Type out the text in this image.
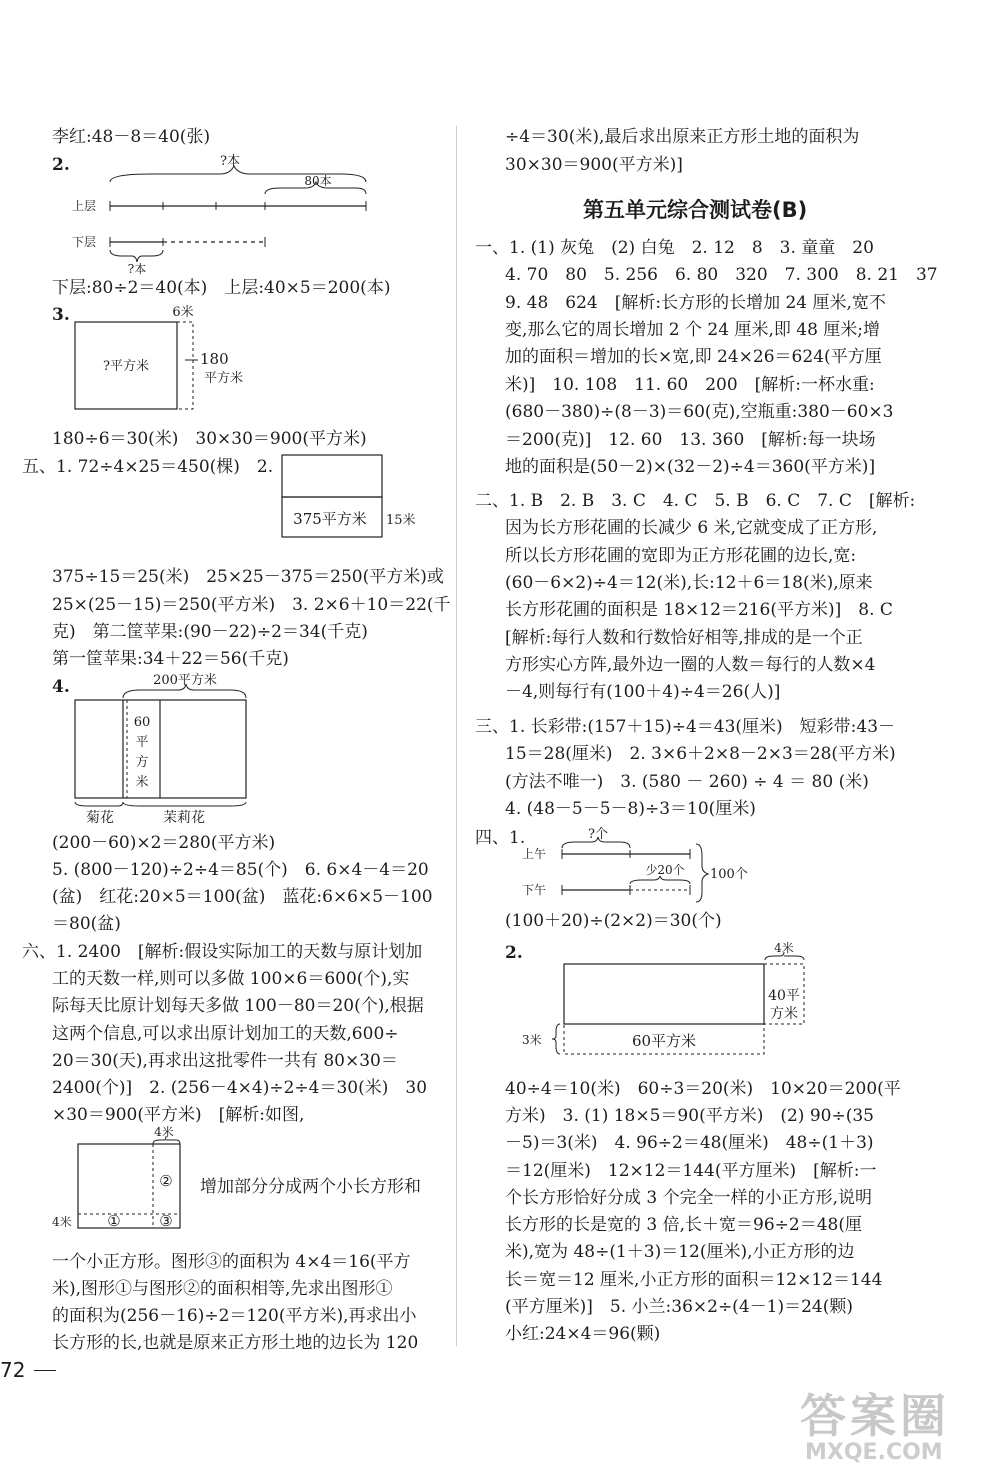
李红:48－8＝40(张)
2.	?本
80本
上层
下层
?本
下层:80÷2＝40(本)　上层:40×5＝200(本)
3.	6米
?平方米	180
平方米
180÷6＝30(米)　30×30＝900(平方米)
五、1. 72÷4×25＝450(棵)　2.
375平方米 15米
375÷15＝25(米)　25×25－375＝250(平方米)或
25×(25－15)＝250(平方米)　3. 2×6＋10＝22(千
克)　第二筐苹果:(90－22)÷2＝34(千克)
第一筐苹果:34＋22＝56(千克)
4.	200平方米
60
平
方
米
菊花	茉莉花
(200－60)×2＝280(平方米)
5. (800－120)÷2÷4＝85(个)　6. 6×4－4＝20
(盆)　红花:20×5＝100(盆)　蓝花:6×6×5－100
＝80(盆)
六、1. 2400　[解析:假设实际加工的天数与原计划加
工的天数一样,则可以多做 100×6＝600(个),实
际每天比原计划每天多做 100－80＝20(个),根据
这两个信息,可以求出原计划加工的天数,600÷
20＝30(天),再求出这批零件一共有 80×30＝
2400(个)]　2. (256－4×4)÷2÷4＝30(米)　30
×30＝900(平方米)　[解析:如图,
4米
②
①	③
4米
增加部分分成两个小长方形和
一个小正方形。图形③的面积为 4×4＝16(平方
米),图形①与图形②的面积相等,先求出图形①
的面积为(256－16)÷2＝120(平方米),再求出小
长方形的长,也就是原来正方形土地的边长为 120
72
÷4＝30(米),最后求出原来正方形土地的面积为
30×30＝900(平方米)]
第五单元综合测试卷(B)
一、1. (1) 灰兔　(2) 白兔　2. 12　8　3. 童童　20
4. 70　80　5. 256　6. 80　320　7. 300　8. 21　37
9. 48　624　[解析:长方形的长增加 24 厘米,宽不
变,那么它的周长增加 2 个 24 厘米,即 48 厘米;增
加的面积＝增加的长×宽,即 24×26＝624(平方厘
米)]　10. 108　11. 60　200　[解析:一杯水重:
(680－380)÷(8－3)＝60(克),空瓶重:380－60×3
＝200(克)]　12. 60　13. 360　[解析:每一块场
地的面积是(50－2)×(32－2)÷4＝360(平方米)]
二、1. B　2. B　3. C　4. C　5. B　6. C　7. C　[解析:
因为长方形花圃的长减少 6 米,它就变成了正方形,
所以长方形花圃的宽即为正方形花圃的边长,宽:
(60－6×2)÷4＝12(米),长:12＋6＝18(米),原来
长方形花圃的面积是 18×12＝216(平方米)]　8. C
[解析:每行人数和行数恰好相等,排成的是一个正
方形实心方阵,最外边一圈的人数＝每行的人数×4
－4,则每行有(100＋4)÷4＝26(人)]
三、1. 长彩带:(157＋15)÷4＝43(厘米)　短彩带:43－
15＝28(厘米)　2. 3×6＋2×8－2×3＝28(平方米)
(方法不唯一)　3. (580 － 260) ÷ 4 ＝ 80 (米)
4. (48－5－5－8)÷3＝10(厘米)
四、1.	?个
上午
下午
少20个 100个
(100＋20)÷(2×2)＝30(个)
2.	4米
40平
方米
60平方米
3米
40÷4＝10(米)　60÷3＝20(米)　10×20＝200(平
方米)　3. (1) 18×5＝90(平方米)　(2) 90÷(35
－5)＝3(米)　4. 96÷2＝48(厘米)　48÷(1＋3)
＝12(厘米)　12×12＝144(平方厘米)　[解析:一
个长方形恰好分成 3 个完全一样的小正方形,说明
长方形的长是宽的 3 倍,长＋宽＝96÷2＝48(厘
米),宽为 48÷(1＋3)＝12(厘米),小正方形的边
长＝宽＝12 厘米,小正方形的面积＝12×12＝144
(平方厘米)]　5. 小兰:36×2÷(4－1)＝24(颗)
小红:24×4＝96(颗)
答案圈
MXQE.COM
